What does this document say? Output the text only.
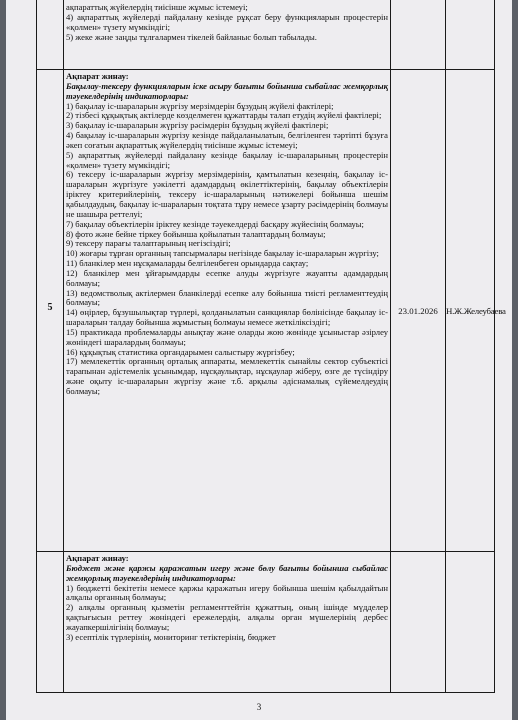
ақпараттық жүйелердің тиісінше жұмыс істемеуі;

4) ақпараттық жүйелерді пайдалану кезінде рұқсат беру функцияларын процестерін «қолмен» түзету мүмкіндігі;

5) жеке және заңды тұлғалармен тікелей байланыс болып табылады.

5

Ақпарат жинау:

Бақылау-тексеру функцияларын іске асыру бағыты бойынша сыбайлас жемқорлық тәуекелдерінің индикаторлары:

1) бақылау іс-шараларын жүргізу мерзімдерін бұзудың жүйелі фактілері;

2) тізбесі құқықтық актілерде көзделмеген құжаттарды талап етудің жүйелі фактілері;

3) бақылау іс-шараларын жүргізу рәсімдерін бұзудың жүйелі фактілері;

4) бақылау іс-шараларын жүргізу кезінде пайдаланылатын, белгіленген тәртіпті бұзуға әкеп соғатын ақпараттық жүйелердің тиісінше жұмыс істемеуі;

5) ақпараттық жүйелерді пайдалану кезінде бақылау іс-шараларының процестерін «қолмен» түзету мүмкіндігі;

6) тексеру іс-шараларын жүргізу мерзімдерінің, қамтылатын кезеңнің, бақылау іс-шараларын жүргізуге уәкілетті адамдардың өкілеттіктерінің, бақылау объектілерін іріктеу критерийлерінің, тексеру іс-шараларының нәтижелері бойынша шешім қабылдаудың, бақылау іс-шараларын тоқтата тұру немесе ұзарту рәсімдерінің болмауы не шашыра реттелуі;

7) бақылау объектілерін іріктеу кезінде тәуекелдерді басқару жүйесінің болмауы;

8) фото және бейне тіркеу бойынша қойылатын талаптардың болмауы;

9) тексеру парағы талаптарының негізсіздігі;

10) жоғары тұрған органның тапсырмалары негізінде бақылау іс-шараларын жүргізу;

11) бланкілер мен нұсқамаларды белгіленбеген орындарда сақтау;

12) бланкілер мен ұйғарымдарды есепке алуды жүргізуге жауапты адамдардың болмауы;

13) ведомстволық актілермен бланкілерді есепке алу бойынша тиісті регламенттеудің болмауы;

14) өңірлер, бұзушылықтар түрлері, қолданылатын санкциялар бөлінісінде бақылау іс-шараларын талдау бойынша жұмыстың болмауы немесе жеткіліксіздігі;

15) практикада проблемаларды анықтау және оларды жою жөнінде ұсыныстар әзірлеу жөніндегі шаралардың болмауы;

16) құқықтық статистика органдарымен салыстыру жүргізбеу;

17) мемлекеттік органның орталық аппараты, мемлекеттік сынайлы сектор субъектісі тарапынан әдістемелік ұсынымдар, нұсқаулықтар, нұсқаулар жіберу, өзге де түсіндіру және оқыту іс-шараларын жүргізу және т.б. арқылы әдіснамалық сүйемелдеудің болмауы;

23.01.2026 Н.Ж.Желеубаева

Ақпарат жинау:

Бюджет және қаржы қаражатын игеру және бөлу бағыты бойынша сыбайлас жемқорлық тәуекелдерінің индикаторлары:

1) бюджетті бекітетін немесе қаржы қаражатын игеру бойынша шешім қабылдайтын алқалы органның болмауы;

2) алқалы органның қызметін регламенттейтін құжаттың, оның ішінде мүдделер қақтығысын реттеу жөніндегі ережелердің, алқалы орган мүшелерінің дербес жауапкершілігінің болмауы;

3) есептілік түрлерінің, мониторинг тетіктерінің, бюджет

3
